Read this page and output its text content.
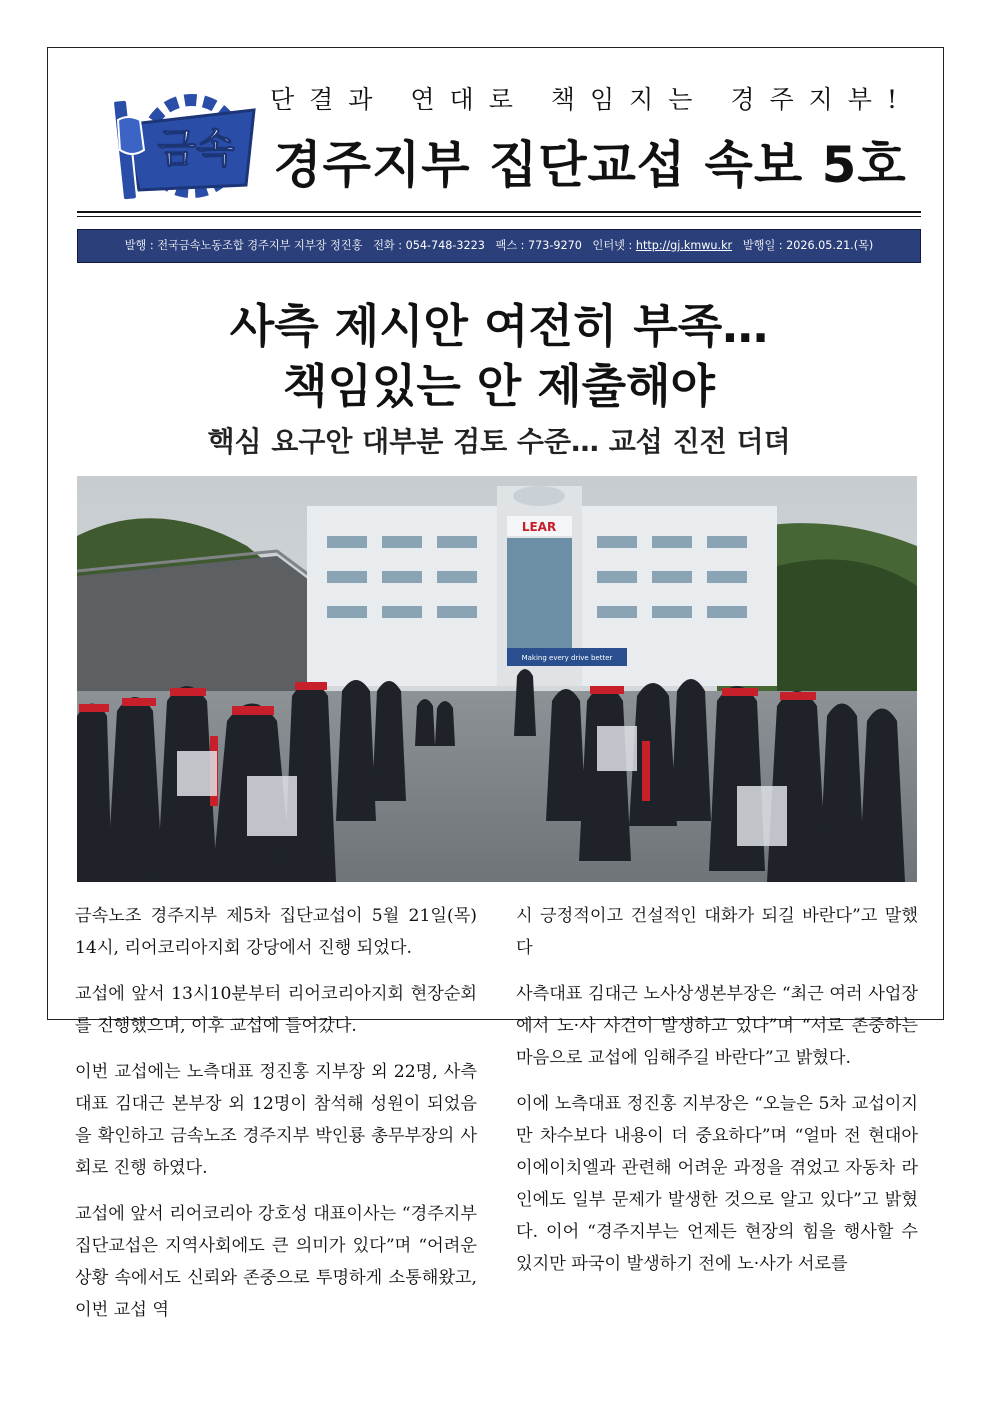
금속
단결과 연대로 책임지는 경주지부!
경주지부 집단교섭 속보 5호
발행 : 전국금속노동조합 경주지부 지부장 정진홍 전화 : 054-748-3223 팩스 : 773-9270 인터넷 : http://gj.kmwu.kr 발행일 : 2026.05.21.(목)
사측 제시안 여전히 부족…
책임있는 안 제출해야
핵심 요구안 대부분 검토 수준… 교섭 진전 더뎌
LEAR
Making every drive better

금속노조 경주지부 제5차 집단교섭이 5월 21일(목) 14시, 리어코리아지회 강당에서 진행 되었다.

교섭에 앞서 13시10분부터 리어코리아지회 현장순회를 진행했으며, 이후 교섭에 들어갔다.

이번 교섭에는 노측대표 정진홍 지부장 외 22명, 사측대표 김대근 본부장 외 12명이 참석해 성원이 되었음을 확인하고 금속노조 경주지부 박인룡 총무부장의 사회로 진행 하였다.

교섭에 앞서 리어코리아 강호성 대표이사는 “경주지부 집단교섭은 지역사회에도 큰 의미가 있다”며 “어려운 상황 속에서도 신뢰와 존중으로 투명하게 소통해왔고, 이번 교섭 역

시 긍정적이고 건설적인 대화가 되길 바란다”고 말했다

사측대표 김대근 노사상생본부장은 “최근 여러 사업장에서 노·사 사건이 발생하고 있다”며 “서로 존중하는 마음으로 교섭에 임해주길 바란다”고 밝혔다.

이에 노측대표 정진홍 지부장은 “오늘은 5차 교섭이지만 차수보다 내용이 더 중요하다”며 “얼마 전 현대아이에이치엘과 관련해 어려운 과정을 겪었고 자동차 라인에도 일부 문제가 발생한 것으로 알고 있다”고 밝혔다. 이어 “경주지부는 언제든 현장의 힘을 행사할 수 있지만 파국이 발생하기 전에 노·사가 서로를
